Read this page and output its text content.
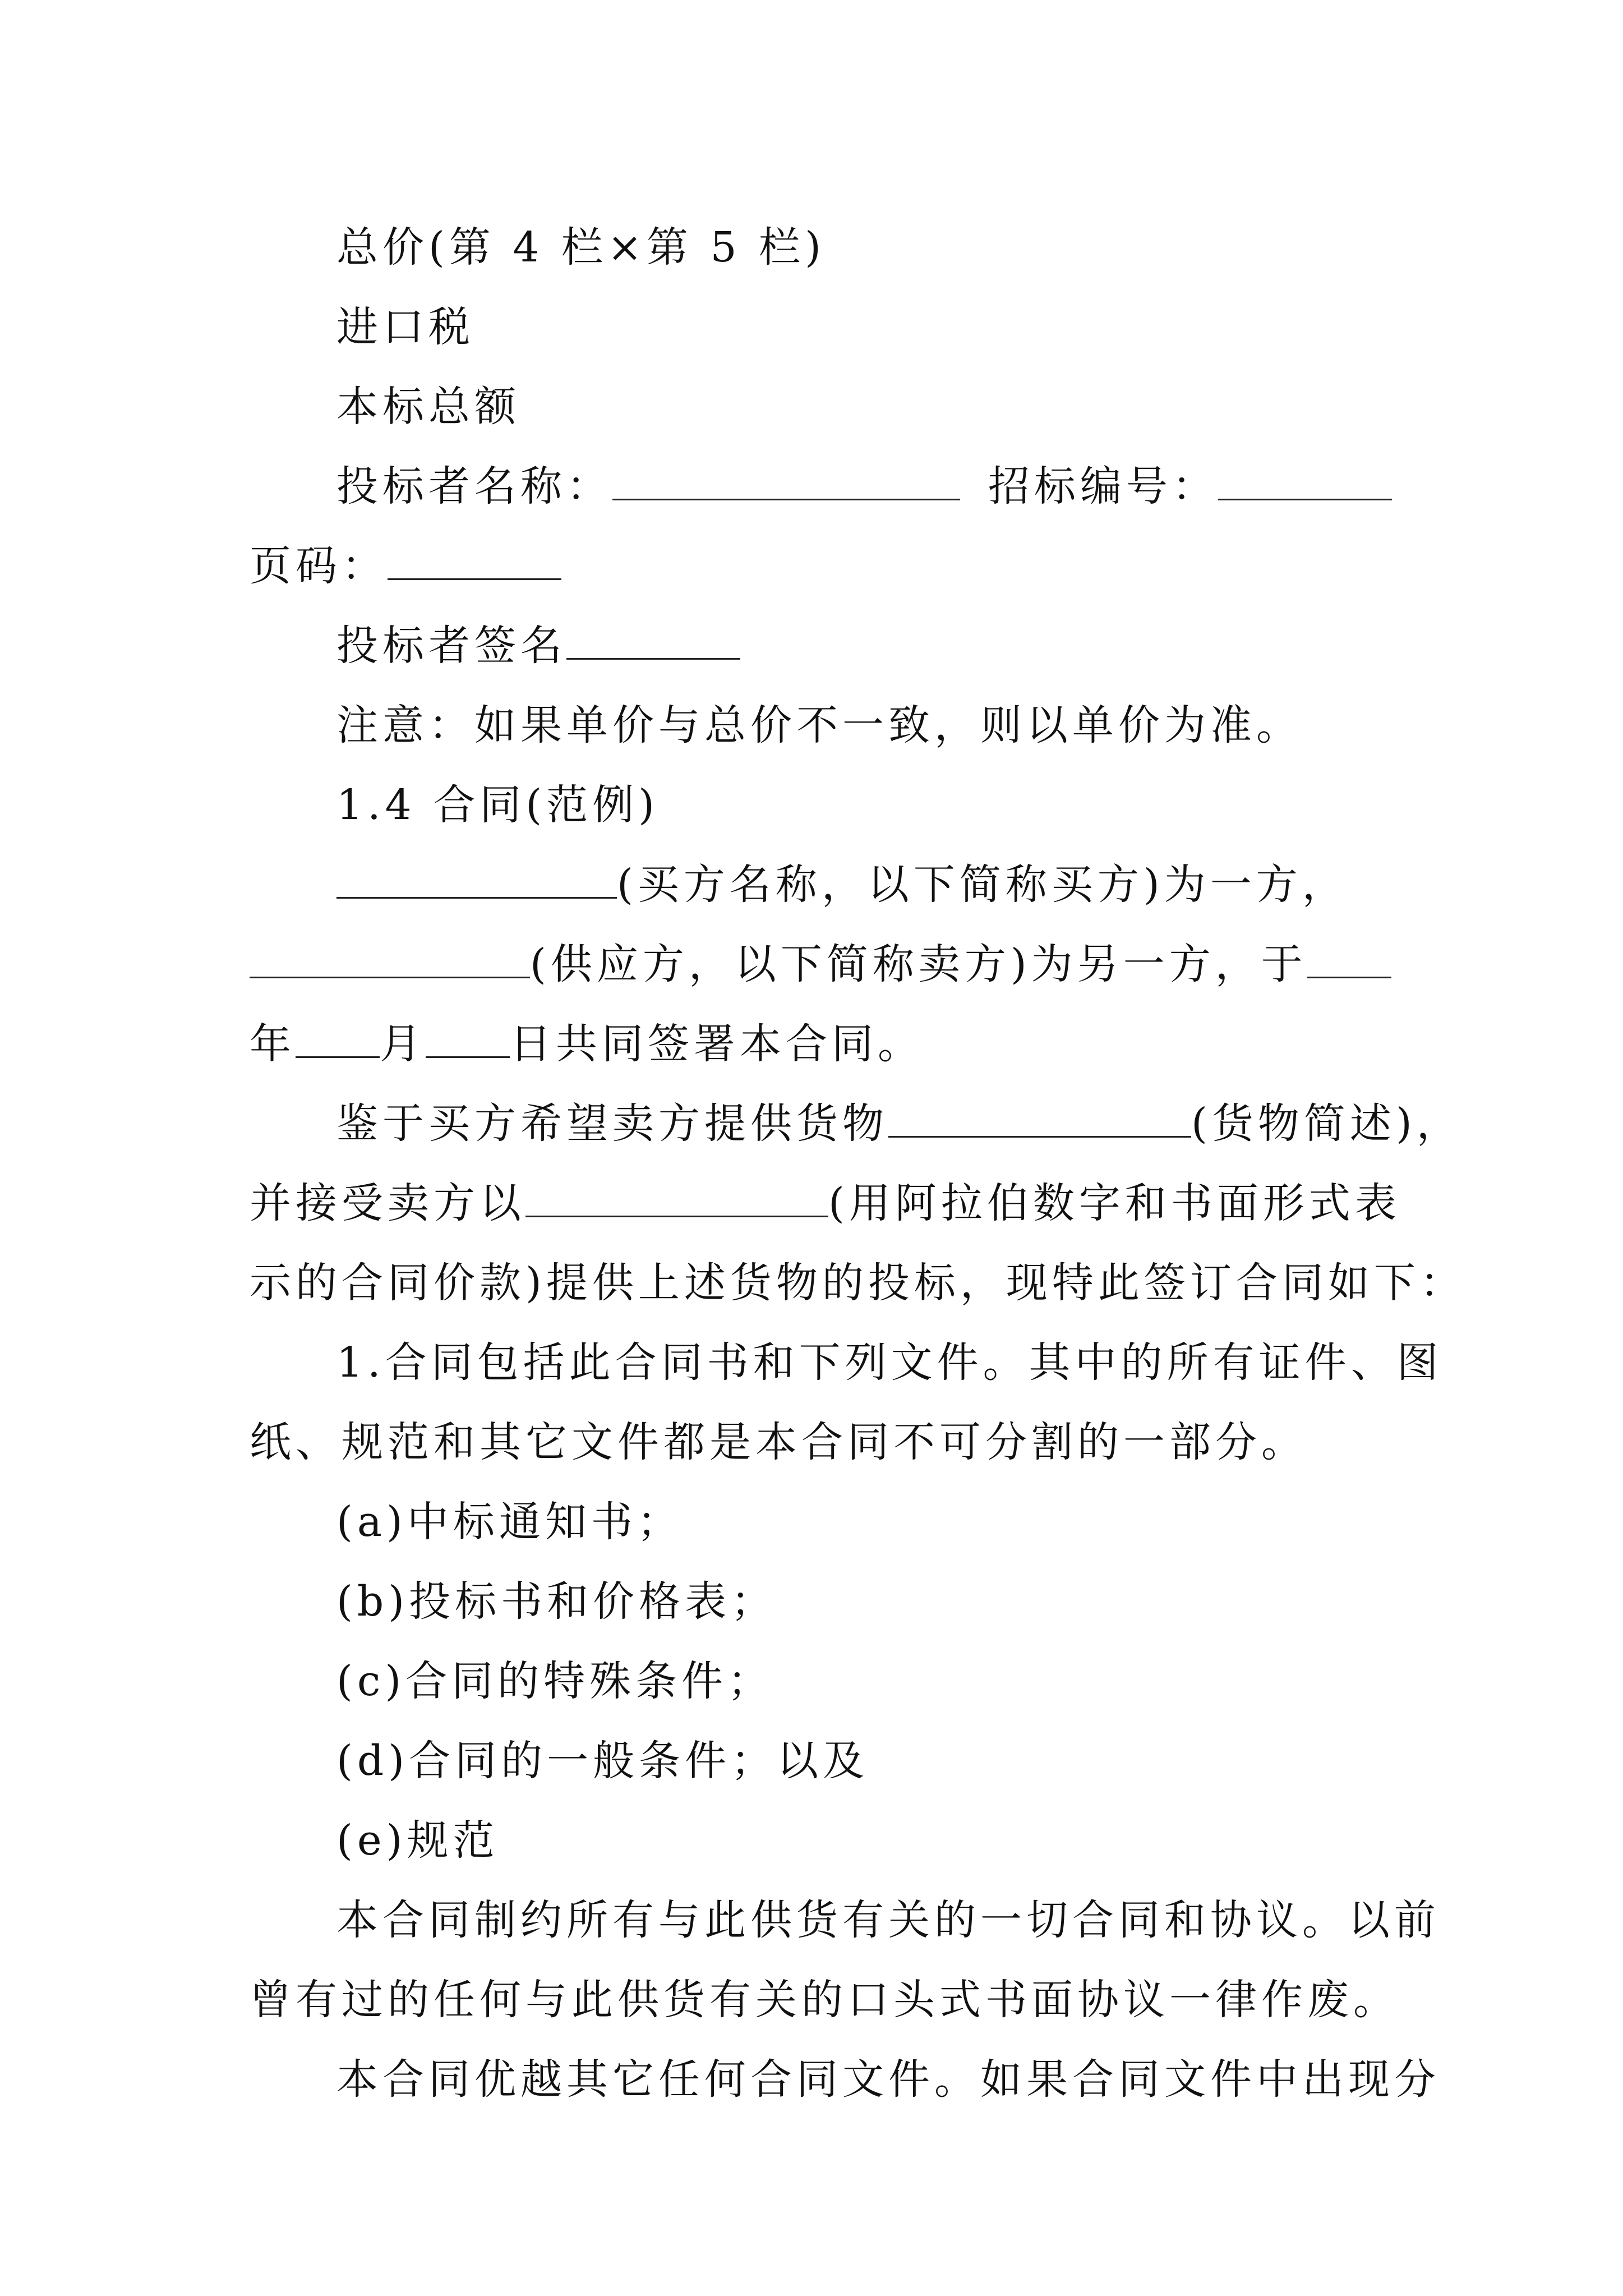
总价(第 4 栏×第 5 栏)
进口税
本标总额
投标者名称：	招标编号：
页码：
投标者签名
注意：如果单价与总价不一致，则以单价为准。
1.4 合同(范例)
(买方名称，以下简称买方)为一方，
(供应方，以下简称卖方)为另一方，于
年 月 日共同签署本合同。
鉴于买方希望卖方提供货物	(货物简述)，
并接受卖方以	(用阿拉伯数字和书面形式表
示的合同价款)提供上述货物的投标，现特此签订合同如下：
1.合同包括此合同书和下列文件。其中的所有证件、图
纸、规范和其它文件都是本合同不可分割的一部分。
(a)中标通知书；
(b)投标书和价格表；
(c)合同的特殊条件；
(d)合同的一般条件；以及
(e)规范
本合同制约所有与此供货有关的一切合同和协议。以前
曾有过的任何与此供货有关的口头式书面协议一律作废。
本合同优越其它任何合同文件。如果合同文件中出现分
